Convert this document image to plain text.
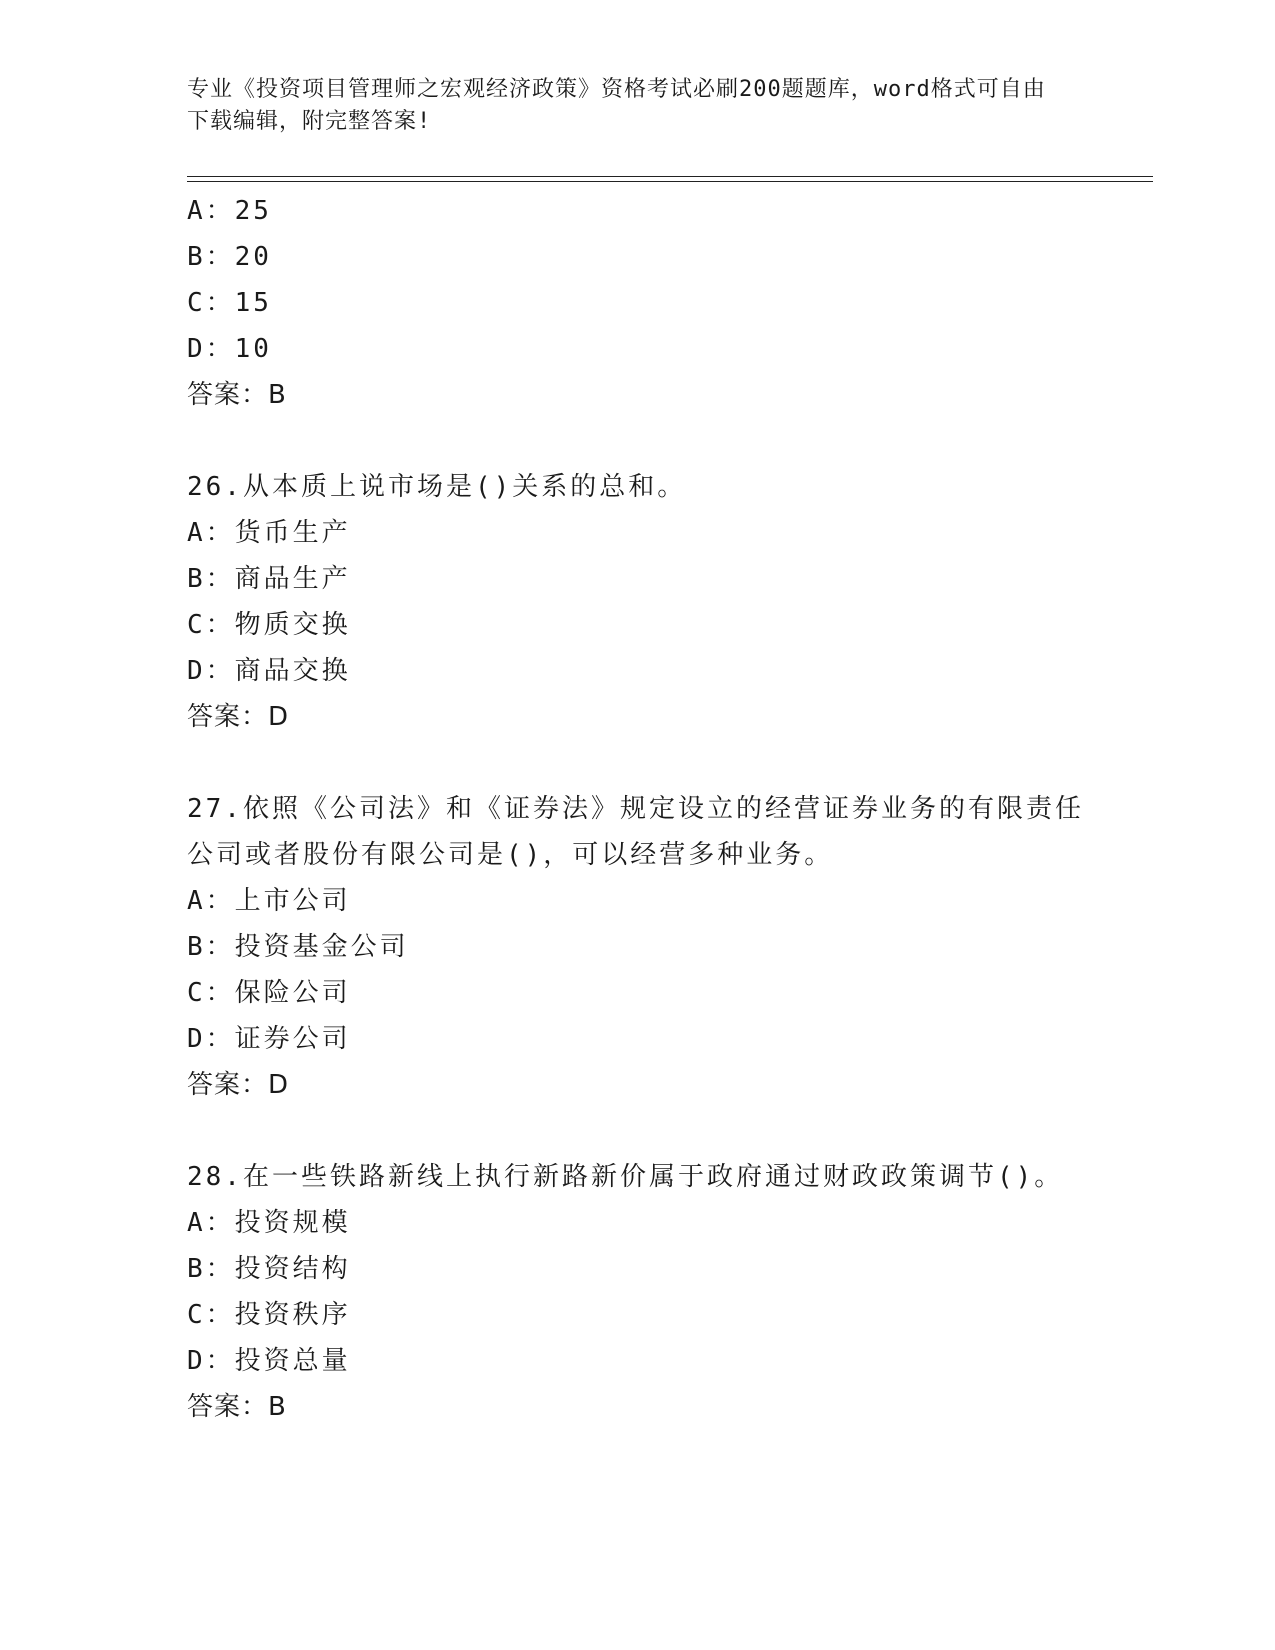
专业《投资项目管理师之宏观经济政策》资格考试必刷200题题库，word格式可自由下载编辑，附完整答案!
A：25
B：20
C：15
D：10
答案：B
26.从本质上说市场是()关系的总和。
A：货币生产
B：商品生产
C：物质交换
D：商品交换
答案：D
27.依照《公司法》和《证券法》规定设立的经营证券业务的有限责任公司或者股份有限公司是()，可以经营多种业务。
A：上市公司
B：投资基金公司
C：保险公司
D：证券公司
答案：D
28.在一些铁路新线上执行新路新价属于政府通过财政政策调节()。
A：投资规模
B：投资结构
C：投资秩序
D：投资总量
答案：B
